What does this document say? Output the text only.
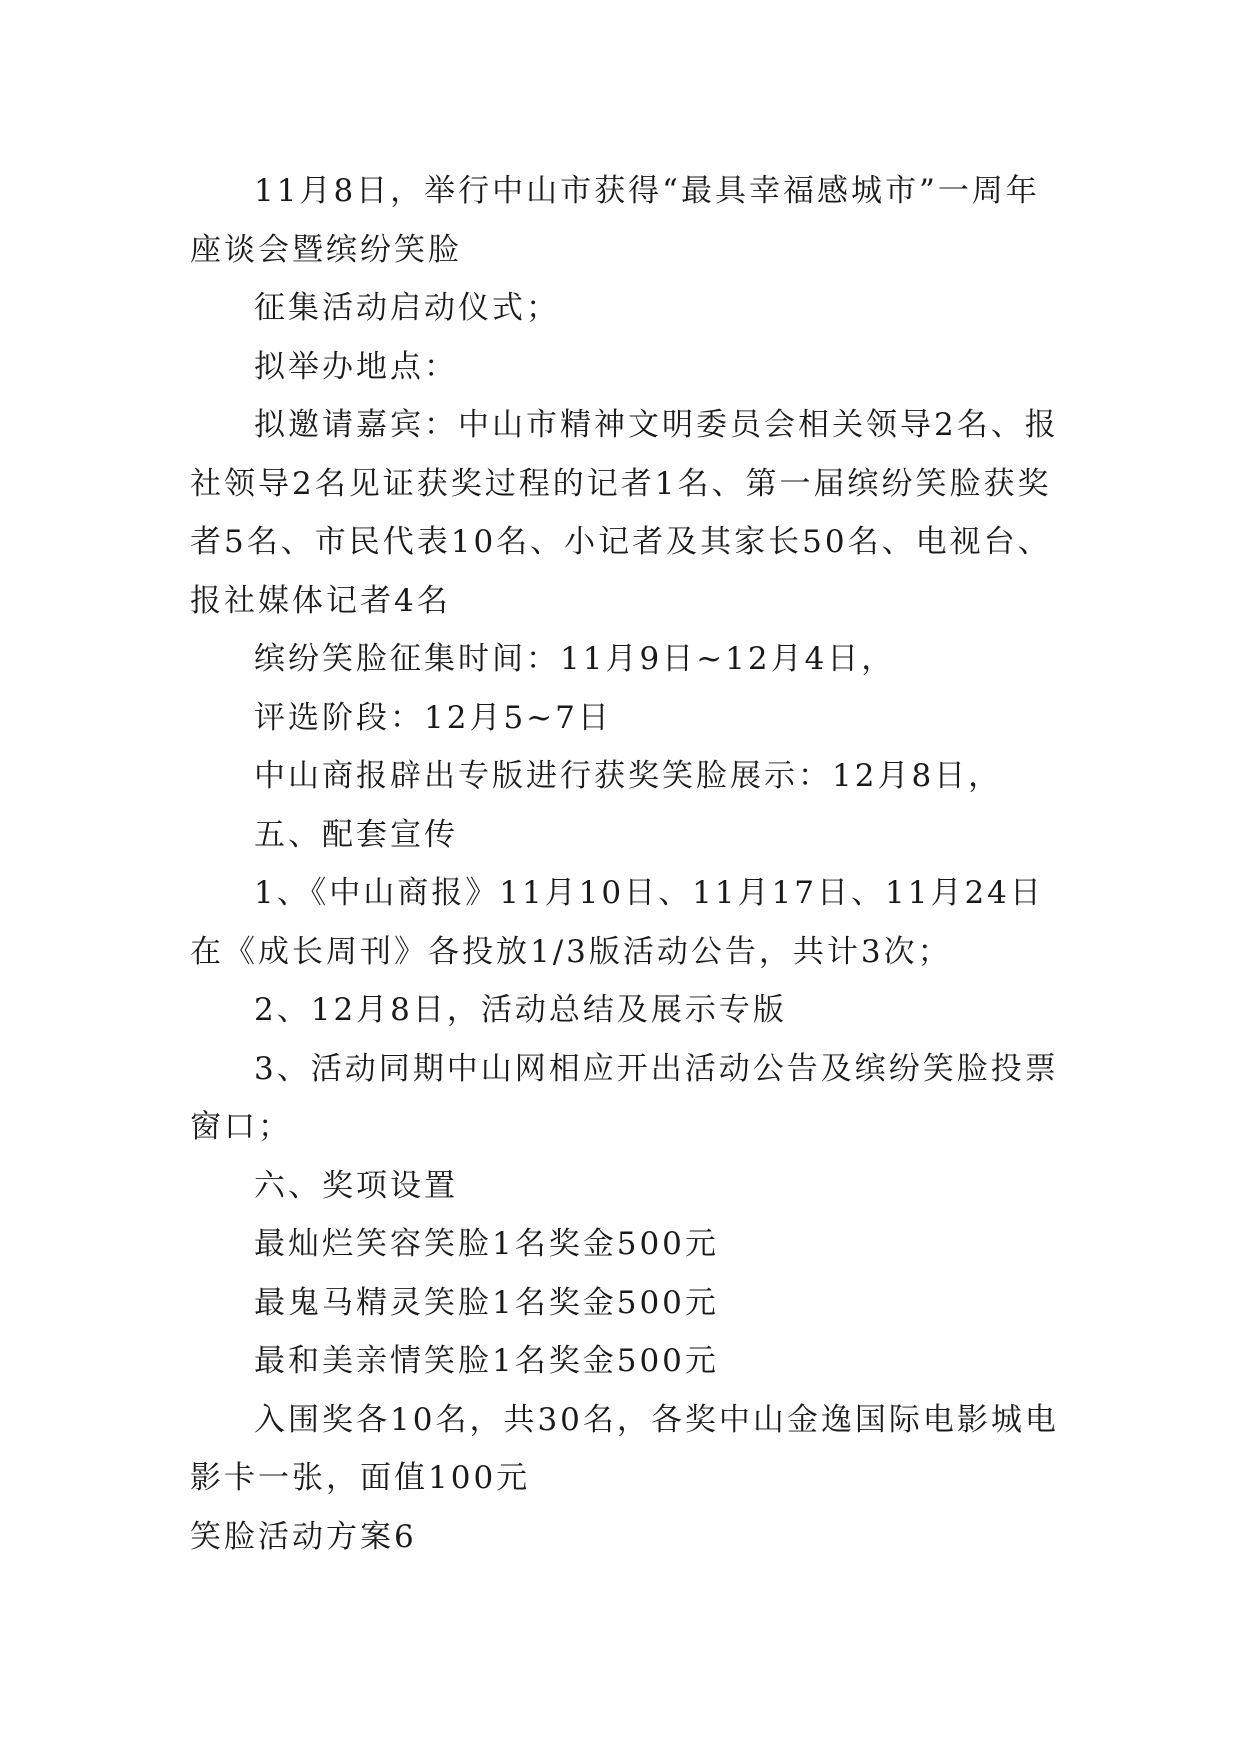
11月8日，举行中山市获得“最具幸福感城市”一周年座谈会暨缤纷笑脸

征集活动启动仪式；

拟举办地点：

拟邀请嘉宾：中山市精神文明委员会相关领导2名、报社领导2名见证获奖过程的记者1名、第一届缤纷笑脸获奖者5名、市民代表10名、小记者及其家长50名、电视台、报社媒体记者4名

缤纷笑脸征集时间：11月9日~12月4日，

评选阶段：12月5~7日

中山商报辟出专版进行获奖笑脸展示：12月8日，

五、配套宣传

1、《中山商报》11月10日、11月17日、11月24日在《成长周刊》各投放1/3版活动公告，共计3次；

2、12月8日，活动总结及展示专版

3、活动同期中山网相应开出活动公告及缤纷笑脸投票窗口；

六、奖项设置

最灿烂笑容笑脸1名奖金500元

最鬼马精灵笑脸1名奖金500元

最和美亲情笑脸1名奖金500元

入围奖各10名，共30名，各奖中山金逸国际电影城电影卡一张，面值100元

笑脸活动方案6
